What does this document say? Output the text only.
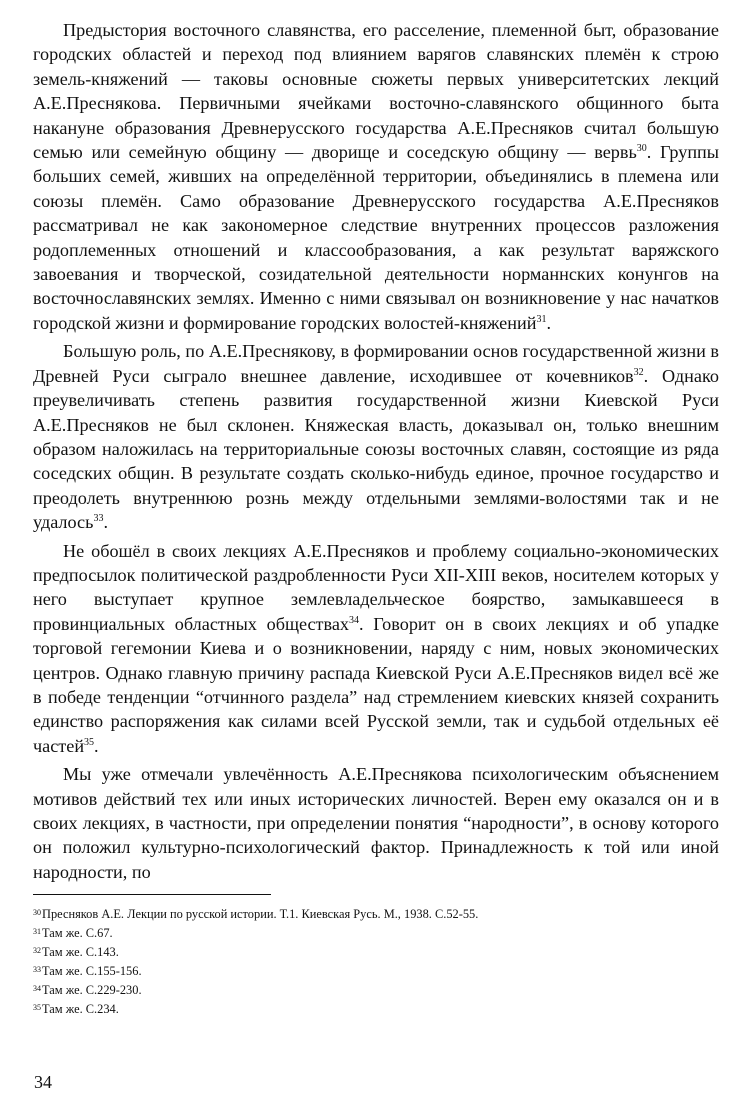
Предыстория восточного славянства, его расселение, племенной быт, образование городских областей и переход под влиянием варягов славянских племён к строю земель-княжений — таковы основные сюжеты первых университетских лекций А.Е.Преснякова. Первичными ячейками восточно-славянского общинного быта накануне образования Древнерусского государства А.Е.Пресняков считал большую семью или семейную общину — дворище и соседскую общину — вервь$^{30}$. Группы больших семей, живших на определённой территории, объединялись в племена или союзы племён. Само образование Древнерусского государства А.Е.Пресняков рассматривал не как закономерное следствие внутренних процессов разложения родоплеменных отношений и классообразования, а как результат варяжского завоевания и творческой, созидательной деятельности норманнских конунгов на восточнославянских землях. Именно с ними связывал он возникновение у нас начатков городской жизни и формирование городских волостей-княжений$^{31}$.

Большую роль, по А.Е.Преснякову, в формировании основ государственной жизни в Древней Руси сыграло внешнее давление, исходившее от кочевников$^{32}$. Однако преувеличивать степень развития государственной жизни Киевской Руси А.Е.Пресняков не был склонен. Княжеская власть, доказывал он, только внешним образом наложилась на территориальные союзы восточных славян, состоящие из ряда соседских общин. В результате создать сколько-нибудь единое, прочное государство и преодолеть внутреннюю рознь между отдельными землями-волостями так и не удалось$^{33}$.

Не обошёл в своих лекциях А.Е.Пресняков и проблему социально-экономических предпосылок политической раздробленности Руси XII-XIII веков, носителем которых у него выступает крупное землевладельческое боярство, замыкавшееся в провинциальных областных обществах$^{34}$. Говорит он в своих лекциях и об упадке торговой гегемонии Киева и о возникновении, наряду с ним, новых экономических центров. Однако главную причину распада Киевской Руси А.Е.Пресняков видел всё же в победе тенденции “отчинного раздела” над стремлением киевских князей сохранить единство распоряжения как силами всей Русской земли, так и судьбой отдельных её частей$^{35}$.

Мы уже отмечали увлечённость А.Е.Преснякова психологическим объяснением мотивов действий тех или иных исторических личностей. Верен ему оказался он и в своих лекциях, в частности, при определении понятия “народности”, в основу которого он положил культурно-психологический фактор. Принадлежность к той или иной народности, по

$^{30}$Пресняков А.Е. Лекции по русской истории. Т.1. Киевская Русь. М., 1938. С.52-55.
$^{31}$Там же. С.67.
$^{32}$Там же. С.143.
$^{33}$Там же. С.155-156.
$^{34}$Там же. С.229-230.
$^{35}$Там же. С.234.
34
